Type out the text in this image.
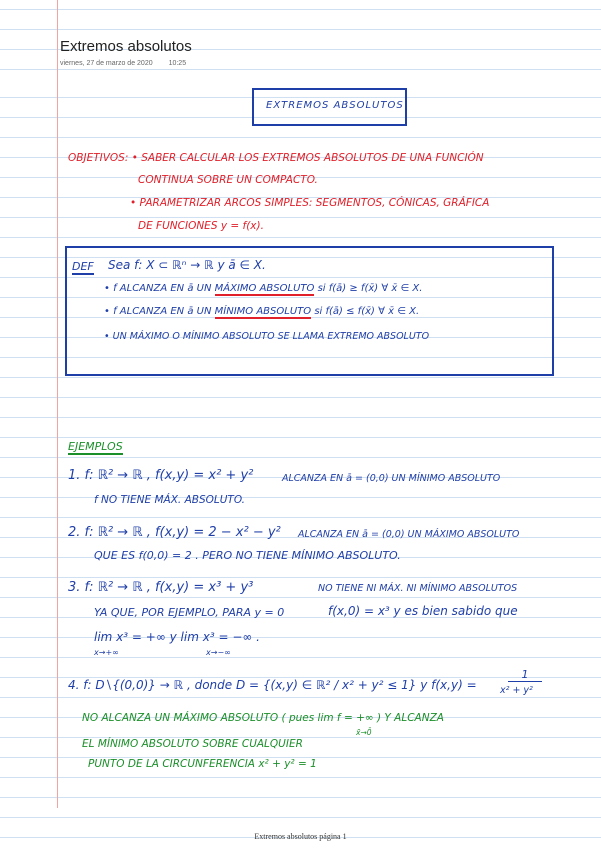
Extremos absolutos
viernes, 27 de marzo de 2020 10:25
EXTREMOS ABSOLUTOS
OBJETIVOS: • SABER CALCULAR LOS EXTREMOS ABSOLUTOS DE UNA FUNCIÓN
CONTINUA SOBRE UN COMPACTO.
• PARAMETRIZAR ARCOS SIMPLES: SEGMENTOS, CÓNICAS, GRÁFICA
DE FUNCIONES y = f(x).
DEF Sea f: X ⊂ ℝⁿ → ℝ y ā ∈ X.
• f ALCANZA EN ā UN MÁXIMO ABSOLUTO si f(ā) ≥ f(x̄) ∀ x̄ ∈ X.
• f ALCANZA EN ā UN MÍNIMO ABSOLUTO si f(ā) ≤ f(x̄) ∀ x̄ ∈ X.
• UN MÁXIMO O MÍNIMO ABSOLUTO SE LLAMA EXTREMO ABSOLUTO
EJEMPLOS
1. f: ℝ² → ℝ , f(x,y) = x² + y²	ALCANZA EN ā = (0,0) UN MÍNIMO ABSOLUTO
f NO TIENE MÁX. ABSOLUTO.
2. f: ℝ² → ℝ , f(x,y) = 2 − x² − y² ALCANZA EN ā = (0,0) UN MÁXIMO ABSOLUTO
QUE ES f(0,0) = 2 . PERO NO TIENE MÍNIMO ABSOLUTO.
3. f: ℝ² → ℝ , f(x,y) = x³ + y³	NO TIENE NI MÁX. NI MÍNIMO ABSOLUTOS
YA QUE, POR EJEMPLO, PARA y = 0	f(x,0) = x³ y es bien sabido que
lim x³ = +∞ y lim x³ = −∞ .
x→+∞	x→−∞
4. f: D∖{(0,0)} → ℝ , donde D = {(x,y) ∈ ℝ² / x² + y² ≤ 1} y f(x,y) =
1
x² + y²
NO ALCANZA UN MÁXIMO ABSOLUTO ( pues lim f = +∞ ) Y ALCANZA
x̄→0̄
EL MÍNIMO ABSOLUTO SOBRE CUALQUIER
PUNTO DE LA CIRCUNFERENCIA x² + y² = 1
Extremos absolutos página 1
